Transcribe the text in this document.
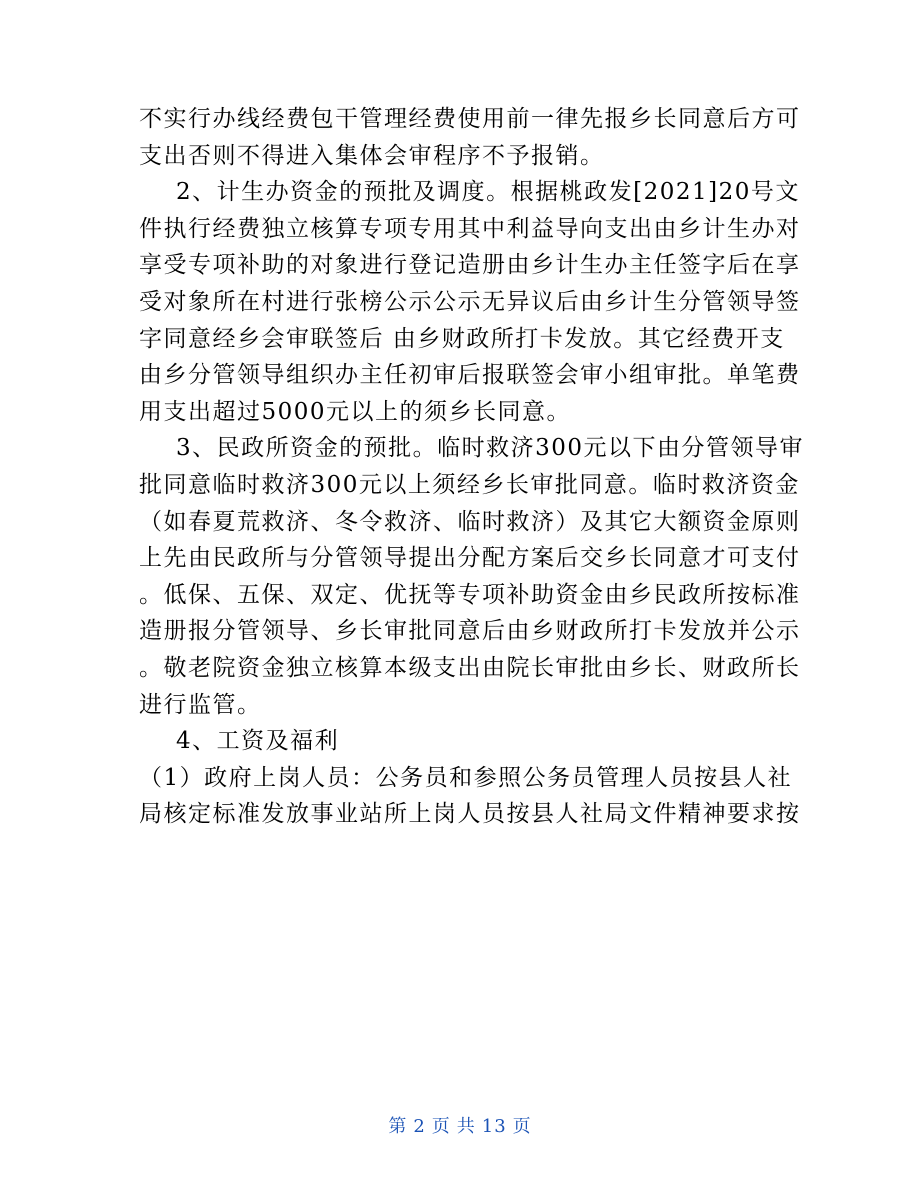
不实行办线经费包干管理经费使用前一律先报乡长同意后方可
支出否则不得进入集体会审程序不予报销。
2、计生办资金的预批及调度。根据桃政发[2021]20号文
件执行经费独立核算专项专用其中利益导向支出由乡计生办对
享受专项补助的对象进行登记造册由乡计生办主任签字后在享
受对象所在村进行张榜公示公示无异议后由乡计生分管领导签
字同意经乡会审联签后 由乡财政所打卡发放。其它经费开支
由乡分管领导组织办主任初审后报联签会审小组审批。单笔费
用支出超过5000元以上的须乡长同意。
3、民政所资金的预批。临时救济300元以下由分管领导审
批同意临时救济300元以上须经乡长审批同意。临时救济资金
（如春夏荒救济、冬令救济、临时救济）及其它大额资金原则
上先由民政所与分管领导提出分配方案后交乡长同意才可支付
。低保、五保、双定、优抚等专项补助资金由乡民政所按标准
造册报分管领导、乡长审批同意后由乡财政所打卡发放并公示
。敬老院资金独立核算本级支出由院长审批由乡长、财政所长
进行监管。
4、工资及福利
（1）政府上岗人员：公务员和参照公务员管理人员按县人社
局核定标准发放事业站所上岗人员按县人社局文件精神要求按
第 2 页 共 13 页
